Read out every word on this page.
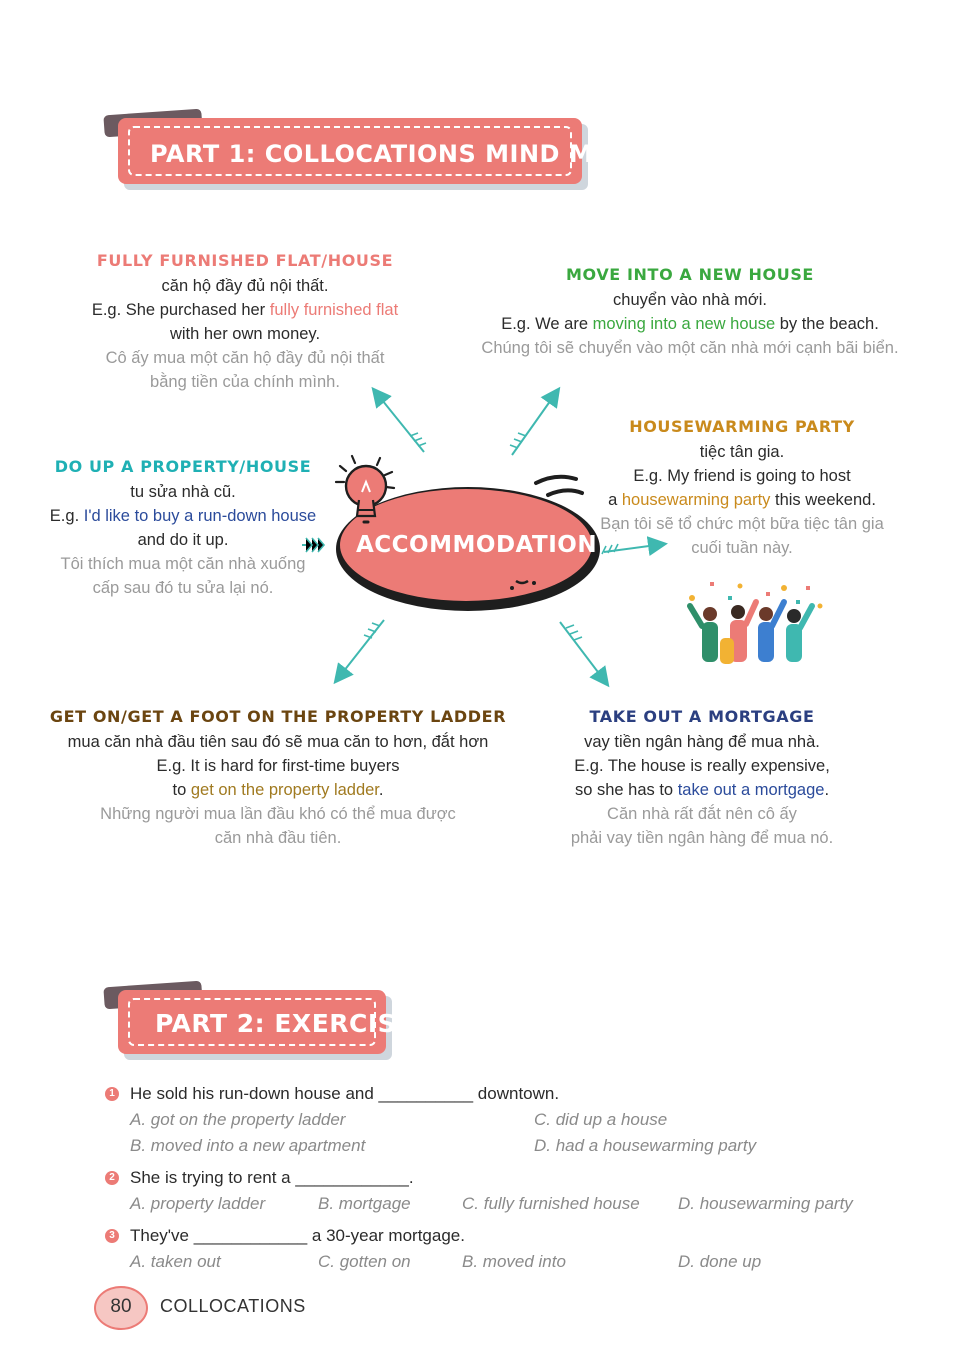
PART 1: COLLOCATIONS MIND MAP
ACCOMMODATION
FULLY FURNISHED FLAT/HOUSE
căn hộ đầy đủ nội thất.
E.g. She purchased her fully furnished flat
with her own money.
Cô ấy mua một căn hộ đầy đủ nội thất
bằng tiền của chính mình.
MOVE INTO A NEW HOUSE
chuyển vào nhà mới.
E.g. We are moving into a new house by the beach.
Chúng tôi sẽ chuyển vào một căn nhà mới cạnh bãi biển.
HOUSEWARMING PARTY
tiệc tân gia.
E.g. My friend is going to host
a housewarming party this weekend.
Bạn tôi sẽ tổ chức một bữa tiệc tân gia
cuối tuần này.
DO UP A PROPERTY/HOUSE
tu sửa nhà cũ.
E.g. I'd like to buy a run-down house
and do it up.
Tôi thích mua một căn nhà xuống
cấp sau đó tu sửa lại nó.
GET ON/GET A FOOT ON THE PROPERTY LADDER
mua căn nhà đầu tiên sau đó sẽ mua căn to hơn, đắt hơn
E.g. It is hard for first-time buyers
to get on the property ladder.
Những người mua lần đầu khó có thể mua được
căn nhà đầu tiên.
TAKE OUT A MORTGAGE
vay tiền ngân hàng để mua nhà.
E.g. The house is really expensive,
so she has to take out a mortgage.
Căn nhà rất đắt nên cô ấy
phải vay tiền ngân hàng để mua nó.
PART 2: EXERCISE
1 He sold his run-down house and __________ downtown.
A. got on the property ladder	C. did up a house
B. moved into a new apartment	D. had a housewarming party
2 She is trying to rent a ____________.
A. property ladder	B. mortgage	C. fully furnished house D. housewarming party
3 They've ____________ a 30-year mortgage.
A. taken out	C. gotten on	B. moved into	D. done up
80	COLLOCATIONS
